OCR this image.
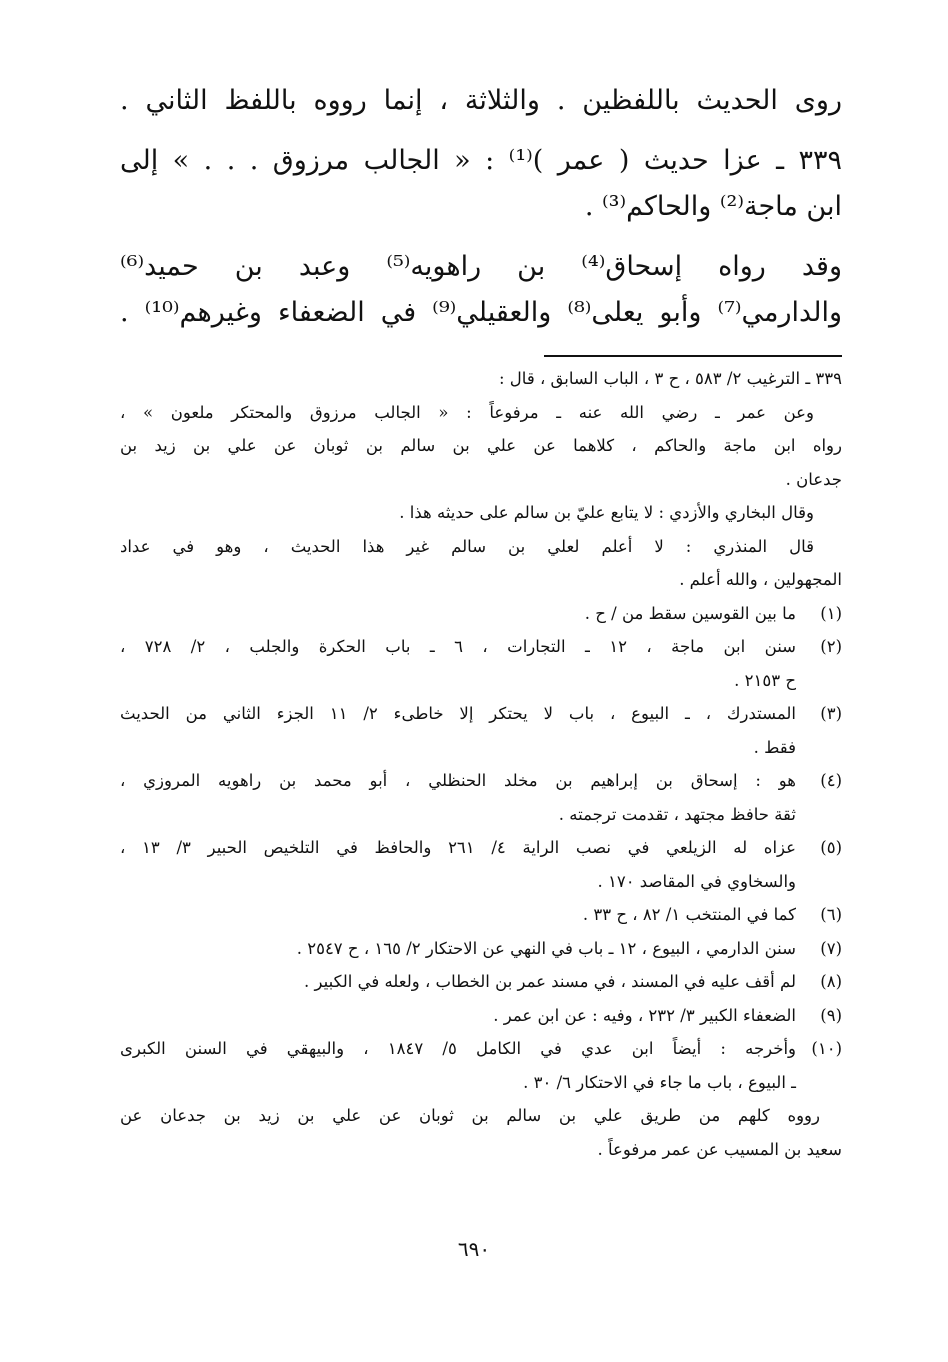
روى الحديث باللفظين . والثلاثة ، إنما رووه باللفظ الثاني .

٣٣٩ ـ عزا حديث ( عمر )⁽¹⁾ : « الجالب مرزوق . . . » إلى

ابن ماجة⁽²⁾ والحاكم⁽³⁾ .

وقد رواه إسحاق⁽⁴⁾ بن راهويه⁽⁵⁾ وعبد بن حميد⁽⁶⁾

والدارمي⁽⁷⁾ وأبو يعلى⁽⁸⁾ والعقيلي⁽⁹⁾ في الضعفاء وغيرهم⁽¹⁰⁾ .

٣٣٩ ـ الترغيب ٢/ ٥٨٣ ، ح ٣ ، الباب السابق ، قال :

وعن عمر ـ رضي الله عنه ـ مرفوعاً : « الجالب مرزوق والمحتكر ملعون » ،

رواه ابن ماجة والحاكم ، كلاهما عن علي بن سالم بن ثوبان عن علي بن زيد بن

جدعان .

وقال البخاري والأزدي : لا يتابع عليّ بن سالم على حديثه هذا .

قال المنذري : لا أعلم لعلي بن سالم غير هذا الحديث ، وهو في عداد

المجهولين ، والله أعلم .

(١)

ما بين القوسين سقط من / ح .

(٢)

سنن ابن ماجة ، ١٢ ـ التجارات ، ٦ ـ باب الحكرة والجلب ، ٢/ ٧٢٨ ،

ح ٢١٥٣ .

(٣)

المستدرك ، ـ البيوع ، باب لا يحتكر إلا خاطىء ٢/ ١١ الجزء الثاني من الحديث

فقط .

(٤)

هو : إسحاق بن إبراهيم بن مخلد الحنظلي ، أبو محمد بن راهويه المروزي ،

ثقة حافظ مجتهد ، تقدمت ترجمته .

(٥)

عزاه له الزيلعي في نصب الراية ٤/ ٢٦١ والحافظ في التلخيص الحبير ٣/ ١٣ ،

والسخاوي في المقاصد ١٧٠ .

(٦)

كما في المنتخب ١/ ٨٢ ، ح ٣٣ .

(٧)

سنن الدارمي ، البيوع ، ١٢ ـ باب في النهي عن الاحتكار ٢/ ١٦٥ ، ح ٢٥٤٧ .

(٨)

لم أقف عليه في المسند ، في مسند عمر بن الخطاب ، ولعله في الكبير .

(٩)

الضعفاء الكبير ٣/ ٢٣٢ ، وفيه : عن ابن عمر .

(١٠)

وأخرجه : أيضاً ابن عدي في الكامل ٥/ ١٨٤٧ ، والبيهقي في السنن الكبرى

ـ البيوع ، باب ما جاء في الاحتكار ٦/ ٣٠ .

رووه كلهم من طريق علي بن سالم بن ثوبان عن علي بن زيد بن جدعان عن

سعيد بن المسيب عن عمر مرفوعاً .

٦٩٠
